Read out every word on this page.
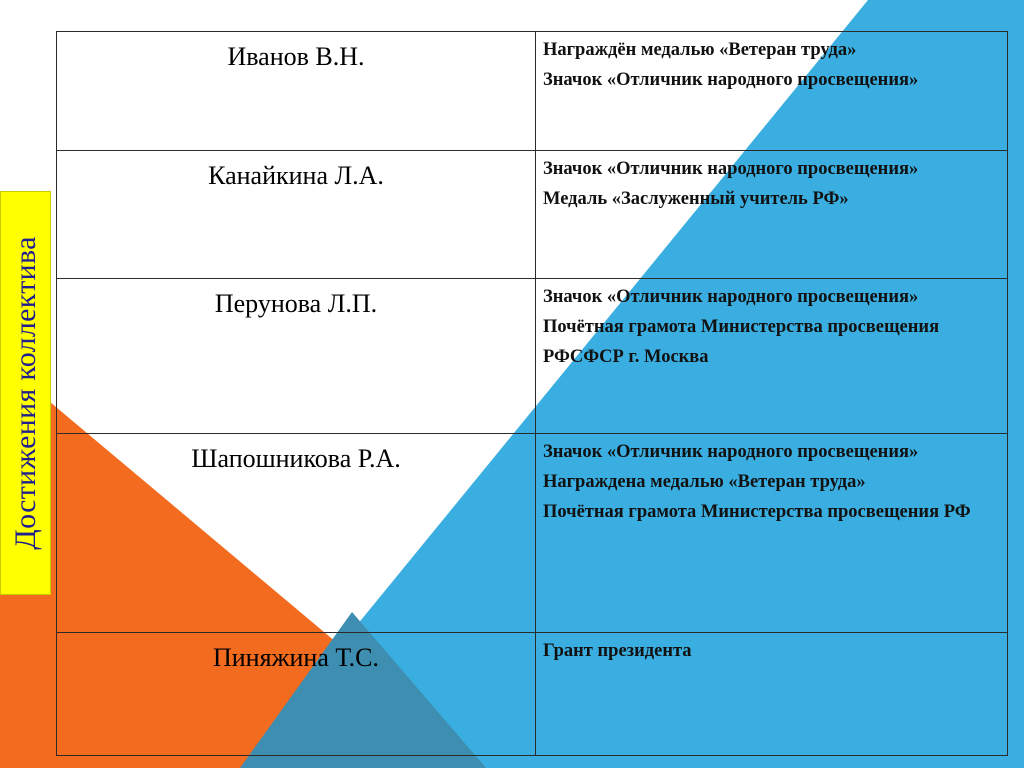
Достижения коллектива
Иванов В.Н.	Награждён медалью «Ветеран труда»
Значок «Отличник народного просвещения»

Канайкина Л.А.	Значок «Отличник народного просвещения»
Медаль «Заслуженный учитель РФ»

Перунова Л.П.	Значок «Отличник народного просвещения»
Почётная грамота Министерства просвещения РФСФСР г. Москва

Шапошникова Р.А.	Значок «Отличник народного просвещения»
Награждена медалью «Ветеран труда»
Почётная грамота Министерства просвещения РФ

Пиняжина Т.С.	Грант президента
